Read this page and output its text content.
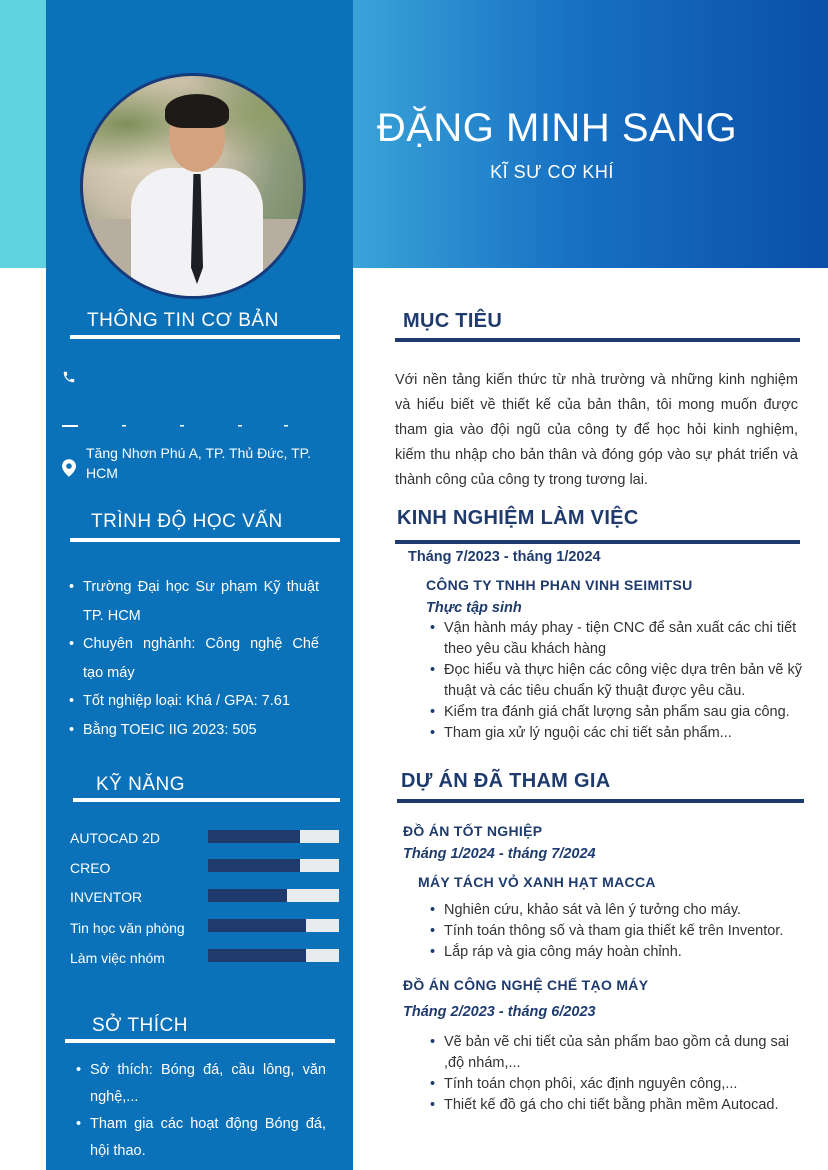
ĐẶNG MINH SANG
KĨ SƯ CƠ KHÍ
THÔNG TIN CƠ BẢN
Tăng Nhơn Phú A, TP. Thủ Đức, TP. HCM
TRÌNH ĐỘ HỌC VẤN
• Trường Đại học Sư phạm Kỹ thuật TP. HCM
• Chuyên nghành: Công nghệ Chế tạo máy
• Tốt nghiệp loại: Khá / GPA: 7.61
• Bằng TOEIC IIG 2023: 505
KỸ NĂNG
AUTOCAD 2D
CREO
INVENTOR
Tin học văn phòng
Làm việc nhóm
SỞ THÍCH
• Sở thích: Bóng đá, cầu lông, văn nghệ,...
• Tham gia các hoạt động Bóng đá, hội thao.
MỤC TIÊU
Với nền tảng kiến thức từ nhà trường và những kinh nghiệm và hiểu biết về thiết kế của bản thân, tôi mong muốn được tham gia vào đội ngũ của công ty để học hỏi kinh nghiệm, kiếm thu nhập cho bản thân và đóng góp vào sự phát triển và thành công của công ty trong tương lai.
KINH NGHIỆM LÀM VIỆC
Tháng 7/2023 - tháng 1/2024
CÔNG TY TNHH PHAN VINH SEIMITSU
Thực tập sinh
• Vận hành máy phay - tiện CNC để sản xuất các chi tiết theo yêu cầu khách hàng
• Đọc hiểu và thực hiện các công việc dựa trên bản vẽ kỹ thuật và các tiêu chuẩn kỹ thuật được yêu cầu.
• Kiểm tra đánh giá chất lượng sản phẩm sau gia công.
• Tham gia xử lý nguội các chi tiết sản phẩm...
DỰ ÁN ĐÃ THAM GIA
ĐỒ ÁN TỐT NGHIỆP
Tháng 1/2024 - tháng 7/2024
MÁY TÁCH VỎ XANH HẠT MACCA
• Nghiên cứu, khảo sát và lên ý tưởng cho máy.
• Tính toán thông số và tham gia thiết kế trên Inventor.
• Lắp ráp và gia công máy hoàn chỉnh.
ĐỒ ÁN CÔNG NGHỆ CHẾ TẠO MÁY
Tháng 2/2023 - tháng 6/2023
• Vẽ bản vẽ chi tiết của sản phẩm bao gồm cả dung sai ,độ nhám,...
• Tính toán chọn phôi, xác định nguyên công,...
• Thiết kế đồ gá cho chi tiết bằng phần mềm Autocad.
